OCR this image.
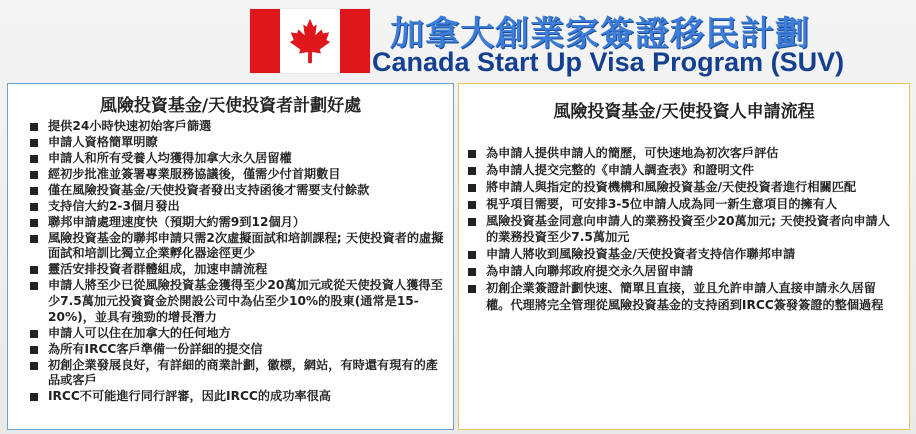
加拿大創業家簽證移民計劃
Canada Start Up Visa Program (SUV)
風險投資基金/天使投資者計劃好處
提供24小時快速初始客戶篩選
申請人資格簡單明瞭
申請人和所有受養人均獲得加拿大永久居留權
經初步批准並簽署專業服務協議後，僅需少付首期數目
僅在風險投資基金/天使投資者發出支持函後才需要支付餘款
支持信大約2-3個月發出
聯邦申請處理速度快（預期大約需9到12個月）
風險投資基金的聯邦申請只需2次虛擬面試和培訓課程; 天使投資者的虛擬面試和培訓比獨立企業孵化器途徑更少
靈活安排投資者群體組成，加速申請流程
申請人將至少已從風險投資基金獲得至少20萬加元或從天使投資人獲得至少7.5萬加元投資資金於開設公司中為佔至少10%的股東(通常是15-20%)，並具有強勁的增長潛力
申請人可以住在加拿大的任何地方
為所有IRCC客戶準備一份詳細的提交信
初創企業發展良好，有詳細的商業計劃，徽標，網站，有時還有現有的產品或客戶
IRCC不可能進行同行評審，因此IRCC的成功率很高
風險投資基金/天使投資人申請流程
為申請人提供申請人的簡歷，可快速地為初次客戶評估
為申請人提交完整的《申請人調查表》和證明文件
將申請人與指定的投資機構和風險投資基金/天使投資者進行相關匹配
視乎項目需要，可安排3-5位申請人成為同一新生意項目的擁有人
風險投資基金同意向申請人的業務投資至少20萬加元; 天使投資者向申請人的業務投資至少7.5萬加元
申請人將收到風險投資基金/天使投資者支持信作聯邦申請
為申請人向聯邦政府提交永久居留申請
初創企業簽證計劃快速、簡單且直接，並且允許申請人直接申請永久居留權。代理將完全管理從風險投資基金的支持函到IRCC簽發簽證的整個過程
